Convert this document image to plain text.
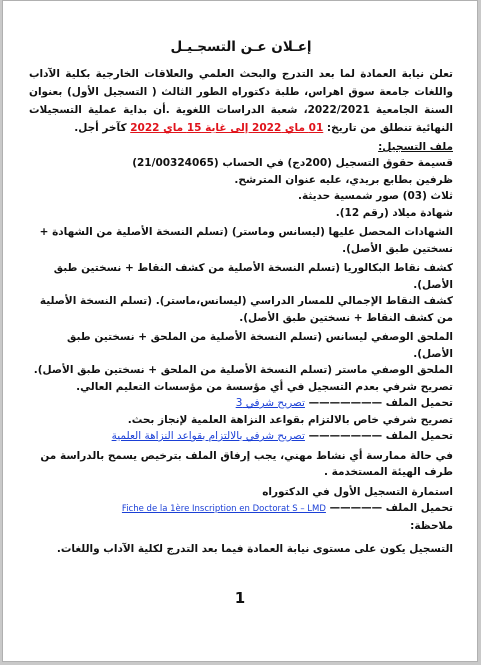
إعـلان عـن التسجـيـل

تعلن نيابة العمادة لما بعد التدرج والبحث العلمي والعلاقات الخارجية بكلية الآداب واللغات جامعة سوق اهراس، طلبة دكتوراه الطور الثالث ( التسجيل الأول) بعنوان السنة الجامعية 2022/2021، شعبة الدراسات اللغوية .أن بداية عملية التسجيلات النهائية تنطلق من تاريخ: 01 ماي 2022 إلى غاية 15 ماي 2022 كآخر أجل.

ملف التسجيل:

قسيمة حقوق التسجيل (200دج) في الحساب (21/00324065)

ظرفين بطابع بريدي، عليه عنوان المترشح.

ثلاث (03) صور شمسية حديثة.

شهادة ميلاد (رقم 12).

الشهادات المحصل عليها (ليسانس وماستر) (تسلم النسخة الأصلية من الشهادة + نسختين طبق الأصل).

كشف نقاط البكالوريا (تسلم النسخة الأصلية من كشف النقاط + نسختين طبق الأصل).

كشف النقاط الإجمالي للمسار الدراسي (ليسانس،ماستر). (تسلم النسخة الأصلية من كشف النقاط + نسختين طبق الأصل).

الملحق الوصفي ليسانس (تسلم النسخة الأصلية من الملحق + نسختين طبق الأصل).

الملحق الوصفي ماستر (تسلم النسخة الأصلية من الملحق + نسختين طبق الأصل).

تصريح شرفي بعدم التسجيل في أي مؤسسة من مؤسسات التعليم العالي.

تحميل الملف ——————— تصريح شرفي 3

تصريح شرفي خاص بالالتزام بقواعد النزاهة العلمية لإنجاز بحث.

تحميل الملف ——————— تصريح شرفي بالالتزام بقواعد النزاهة العلمية

في حالة ممارسة أي نشاط مهني، يجب إرفاق الملف بترخيص يسمح بالدراسة من طرف الهيئة المستخدمة .

استمارة التسجيل الأول في الدكتوراه

تحميل الملف ————— Fiche de la 1ère Inscription en Doctorat S – LMD

ملاحظة:

التسجيل يكون على مستوى نيابة العمادة فيما بعد التدرج لكلية الآداب واللغات.

1
